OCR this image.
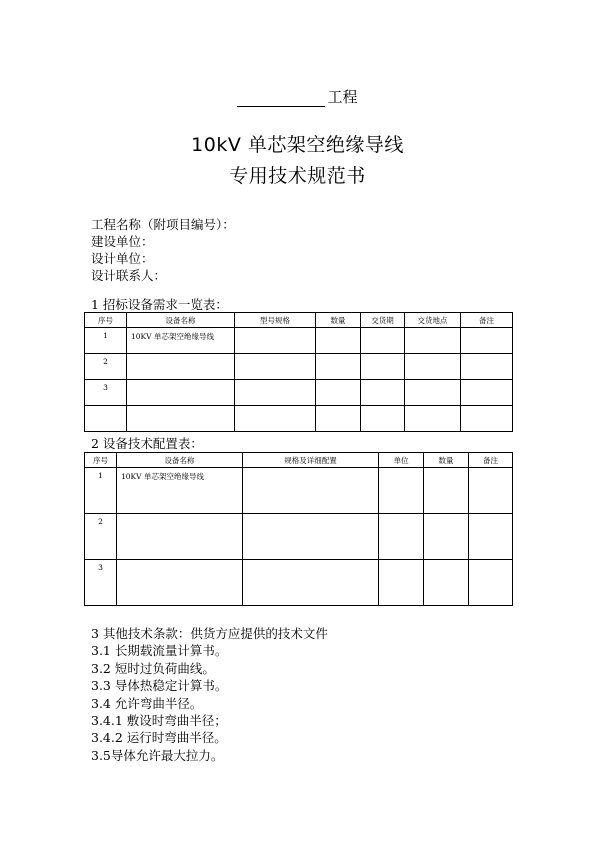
工程
10kV 单芯架空绝缘导线
专用技术规范书
工程名称（附项目编号）：
建设单位：
设计单位：
设计联系人：
1 招标设备需求一览表：
序号	设备名称	型号规格	数量	交货期	交货地点	备注
1	10KV 单芯架空绝缘导线					
2						
3						

2 设备技术配置表：
序号	设备名称	规格及详细配置	单位	数量	备注
1	10KV 单芯架空绝缘导线				
2					
3					
3 其他技术条款：供货方应提供的技术文件
3.1 长期载流量计算书。
3.2 短时过负荷曲线。
3.3 导体热稳定计算书。
3.4 允许弯曲半径。
3.4.1 敷设时弯曲半径；
3.4.2 运行时弯曲半径。
3.5导体允许最大拉力。
